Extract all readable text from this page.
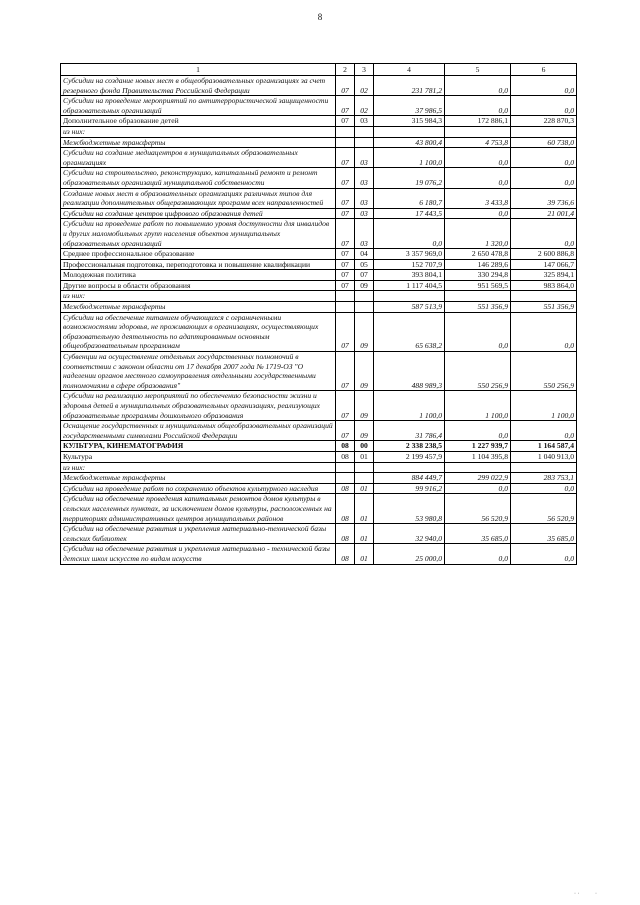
8
1	2	3	4	5	6
Субсидии на создание новых мест в общеобразовательных организациях за счет резервного фонда Правительства Российской Федерации	07	02	231 781,2	0,0	0,0
Субсидии на проведение мероприятий по антитеррористической защищенности образовательных организаций	07	02	37 986,5	0,0	0,0
Дополнительное образование детей	07	03	315 984,3	172 886,1	228 870,3
из них:					
Межбюджетные трансферты			43 800,4	4 753,8	60 738,0
Субсидии на создание медиацентров в муниципальных образовательных организациях	07	03	1 100,0	0,0	0,0
Субсидии на строительство, реконструкцию, капитальный ремонт и ремонт образовательных организаций муниципальной собственности	07	03	19 076,2	0,0	0,0
Создание новых мест в образовательных организациях различных типов для реализации дополнительных общеразвивающих программ всех направленностей	07	03	6 180,7	3 433,8	39 736,6
Субсидии на создание центров цифрового образования детей	07	03	17 443,5	0,0	21 001,4
Субсидии на проведение работ по повышению уровня доступности для инвалидов и других маломобильных групп населения объектов муниципальных образовательных организаций	07	03	0,0	1 320,0	0,0
Среднее профессиональное образование	07	04	3 357 969,0	2 650 478,8	2 600 886,8
Профессиональная подготовка, переподготовка и повышение квалификации	07	05	152 707,9	146 289,6	147 066,7
Молодежная политика	07	07	393 804,1	330 294,8	325 894,1
Другие вопросы в области образования	07	09	1 117 404,5	951 569,5	983 864,0
из них:					
Межбюджетные трансферты			587 513,9	551 356,9	551 356,9
Субсидии на обеспечение питанием обучающихся с ограниченными возможностями здоровья, не проживающих в организациях, осуществляющих образовательную деятельность по адаптированным основным общеобразовательным программам	07	09	65 638,2	0,0	0,0
Субвенции на осуществление отдельных государственных полномочий в соответствии с законом области от 17 декабря 2007 года № 1719-ОЗ "О наделении органов местного самоуправления отдельными государственными полномочиями в сфере образования"	07	09	488 989,3	550 256,9	550 256,9
Субсидии на реализацию мероприятий по обеспечению безопасности жизни и здоровья детей в муниципальных образовательных организациях, реализующих образовательные программы дошкольного образования	07	09	1 100,0	1 100,0	1 100,0
Оснащение государственных и муниципальных общеобразовательных организаций государственными символами Российской Федерации	07	09	31 786,4	0,0	0,0
КУЛЬТУРА, КИНЕМАТОГРАФИЯ	08	00	2 338 238,5	1 227 939,7	1 164 587,4
Культура	08	01	2 199 457,9	1 104 395,8	1 040 913,0
из них:					
Межбюджетные трансферты			884 449,7	299 022,9	283 753,1
Субсидии на проведение работ по сохранению объектов культурного наследия	08	01	99 916,2	0,0	0,0
Субсидии на обеспечение проведения капитальных ремонтов домов культуры в сельских населенных пунктах, за исключением домов культуры, расположенных на территориях административных центров муниципальных районов	08	01	53 980,8	56 520,9	56 520,9
Субсидии на обеспечение развития и укрепления материально-технической базы сельских библиотек	08	01	32 940,0	35 685,0	35 685,0
Субсидии на обеспечение развития и укрепления материально - технической базы детских школ искусств по видам искусств	08	01	25 000,0	0,0	0,0
· ·	·
